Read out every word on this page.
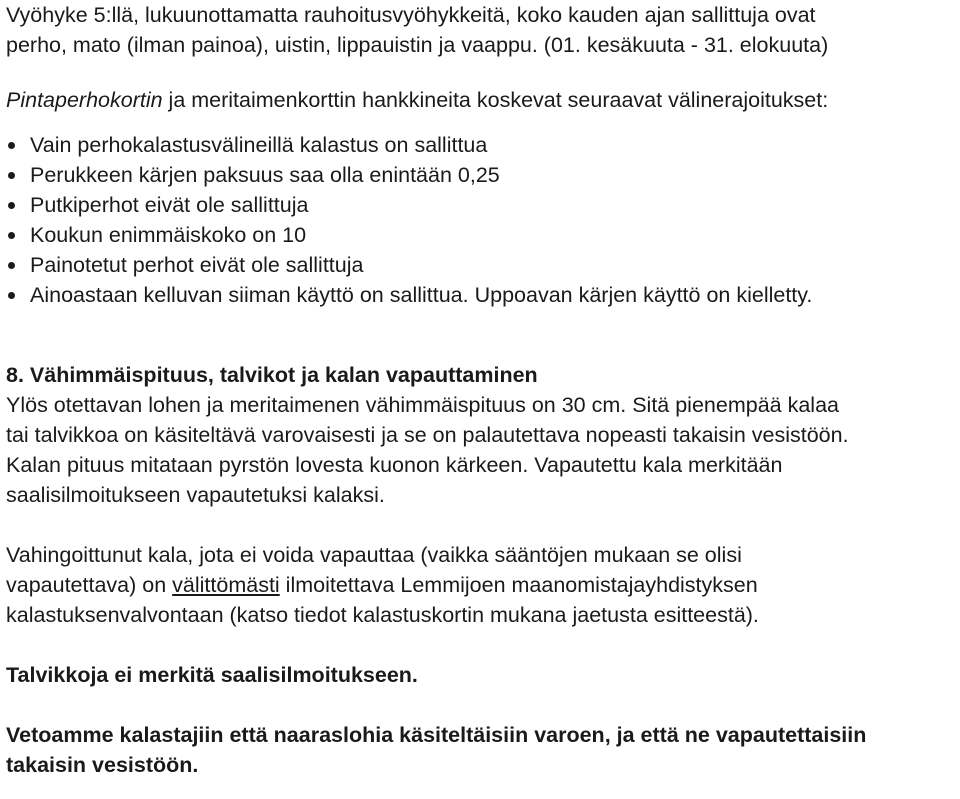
Vyöhyke 5:llä, lukuunottamatta rauhoitusvyöhykkeitä, koko kauden ajan sallittuja ovat

perho, mato (ilman painoa), uistin, lippauistin ja vaappu. (01. kesäkuuta - 31. elokuuta)

Pintaperhokortin ja meritaimenkorttin hankkineita koskevat seuraavat välinerajoitukset:

Vain perhokalastusvälineillä kalastus on sallittua
Perukkeen kärjen paksuus saa olla enintään 0,25
Putkiperhot eivät ole sallittuja
Koukun enimmäiskoko on 10
Painotetut perhot eivät ole sallittuja
Ainoastaan kelluvan siiman käyttö on sallittua. Uppoavan kärjen käyttö on kielletty.

8. Vähimmäispituus, talvikot ja kalan vapauttaminen

Ylös otettavan lohen ja meritaimenen vähimmäispituus on 30 cm. Sitä pienempää kalaa

tai talvikkoa on käsiteltävä varovaisesti ja se on palautettava nopeasti takaisin vesistöön.

Kalan pituus mitataan pyrstön lovesta kuonon kärkeen. Vapautettu kala merkitään

saalisilmoitukseen vapautetuksi kalaksi.

Vahingoittunut kala, jota ei voida vapauttaa (vaikka sääntöjen mukaan se olisi

vapautettava) on välittömästi ilmoitettava Lemmijoen maanomistajayhdistyksen

kalastuksenvalvontaan (katso tiedot kalastuskortin mukana jaetusta esitteestä).

Talvikkoja ei merkitä saalisilmoitukseen.

Vetoamme kalastajiin että naaraslohia käsiteltäisiin varoen, ja että ne vapautettaisiin

takaisin vesistöön.
